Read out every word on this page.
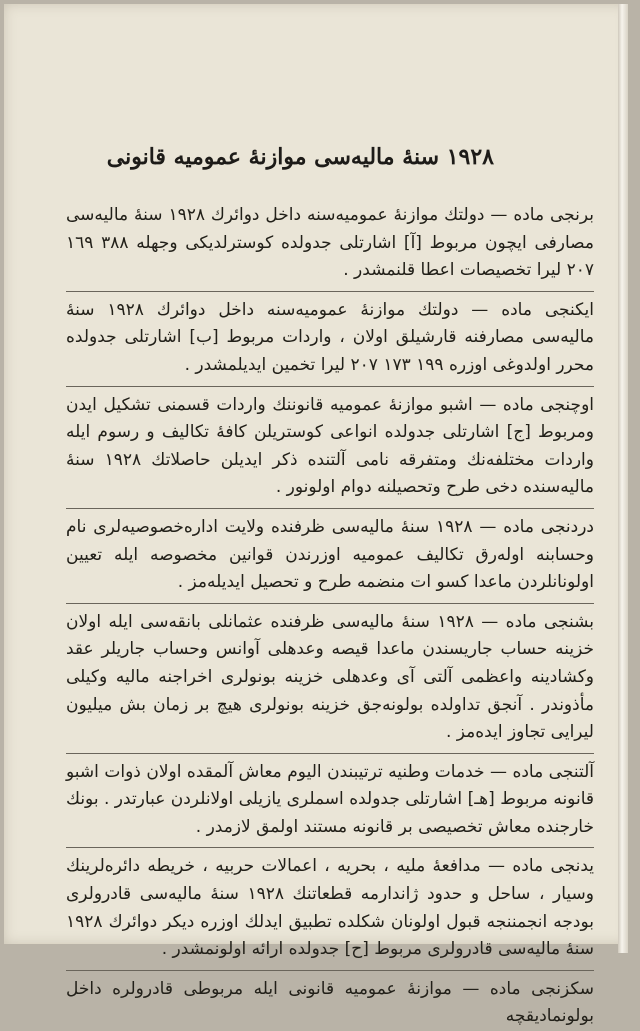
١٩٢٨ سنهٔ مالیه‌سی موازنهٔ عمومیه قانونی

برنجی ماده — دولتك موازنهٔ عمومیه‌سنه داخل دوائرك ١٩٢٨ سنهٔ مالیه‌سی مصارفی ایچون مربوط [آ] اشارتلی جدولده کوسترلدیکی وجهله ٣٨٨ ١٦٩ ٢٠٧ لیرا تخصیصات اعطا قلنمشدر .

ایکنجی ماده — دولتك موازنهٔ عمومیه‌سنه داخل دوائرك ١٩٢٨ سنهٔ مالیه‌سی مصارفنه قارشیلق اولان ، واردات مربوط [ب] اشارتلی جدولده محرر اولدوغی اوزره ١٩٩ ١٧٣ ٢٠٧ لیرا تخمین ایدیلمشدر .

اوچنجی ماده — اشبو موازنهٔ عمومیه قانوننك واردات قسمنی تشکیل ایدن ومربوط [ج] اشارتلی جدولده انواعی کوستریلن کافهٔ تکالیف و رسوم ایله واردات مختلفه‌نك ومتفرقه نامی آلتنده ذکر ایدیلن حاصلاتك ١٩٢٨ سنهٔ مالیه‌سنده دخی طرح وتحصیلنه دوام اولونور .

دردنجی ماده — ١٩٢٨ سنهٔ مالیه‌سی ظرفنده ولایت اداره‌خصوصیه‌لری نام وحسابنه اوله‌رق تکالیف عمومیه اوزرندن قوانین مخصوصه ایله تعیین اولونانلردن ماعدا کسو ات منضمه طرح و تحصیل ایدیله‌مز .

بشنجی ماده — ١٩٢٨ سنهٔ مالیه‌سی ظرفنده عثمانلی بانقه‌سی ایله اولان خزینه حساب جاریسندن ماعدا قیصه وعدهلی آوانس وحساب جاریلر عقد وکشادینه واعظمی آلتی آی وعدهلی خزینه بونولری اخراجنه مالیه وکیلی مأذوندر . آنجق تداولده بولونه‌جق خزینه بونولری هیچ بر زمان بش میلیون لیرایی تجاوز ایده‌مز .

آلتنجی ماده — خدمات وطنیه ترتیبندن الیوم معاش آلمقده اولان ذوات اشبو قانونه مربوط [هـ] اشارتلی جدولده اسملری یازیلی اولانلردن عبارتدر . بونك خارجنده معاش تخصیصی بر قانونه مستند اولمق لازمدر .

یدنجی ماده — مدافعهٔ ملیه ، بحریه ، اعمالات حربیه ، خریطه دائره‌لرینك وسیار ، ساحل و حدود ژاندارمه قطعاتنك ١٩٢٨ سنهٔ مالیه‌سی قادرولری بودجه انجمننجه قبول اولونان شکلده تطبیق ایدلك اوزره دیکر دوائرك ١٩٢٨ سنهٔ مالیه‌سی قادرولری مربوط [ح] جدولده ارائه اولونمشدر .

سکزنجی ماده — موازنهٔ عمومیه قانونی ایله مربوطی قادرولره داخل بولونمادیقچه
